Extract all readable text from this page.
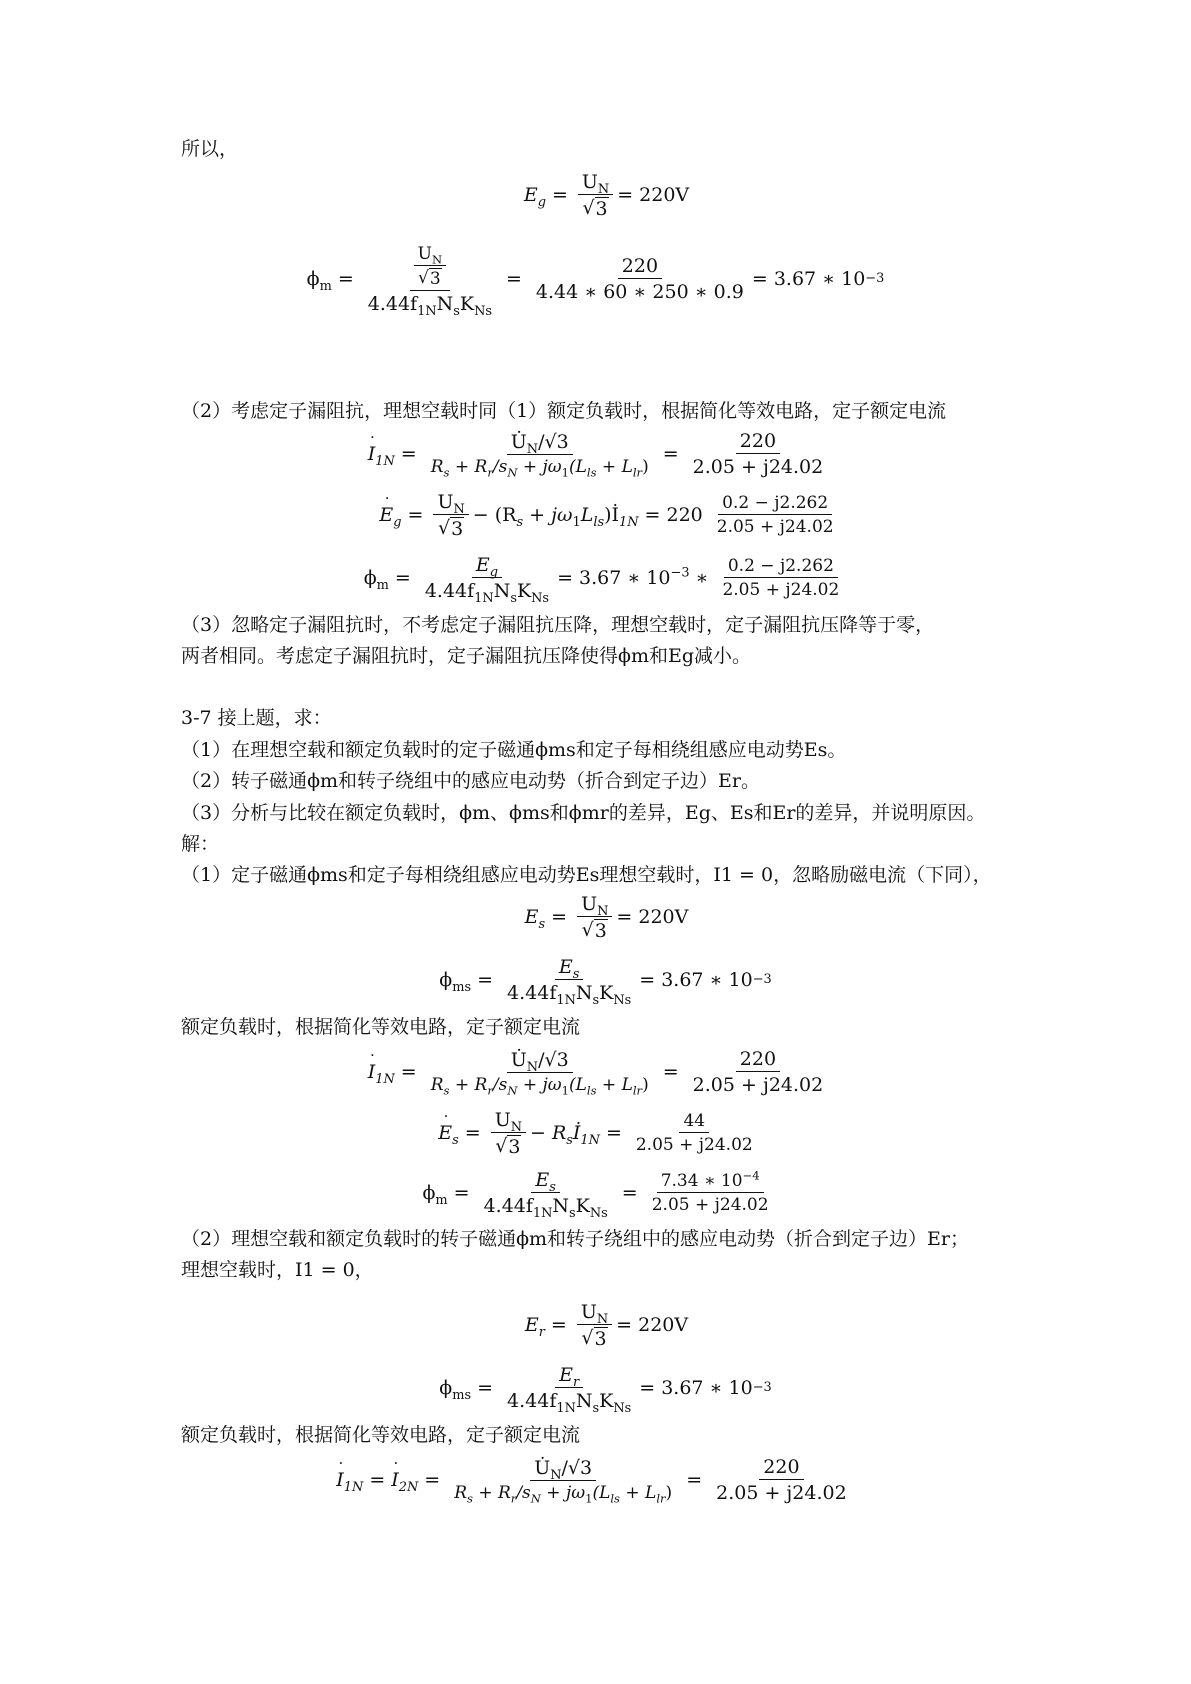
所以，
$E_g = \frac{U_N}{√ 3} = 220V$
$\phi_m = \frac{\frac{U_N}{√ 3}}{4.44f_{1N}N_sK_{Ns}} = \frac{220}{4.44 ∗ 60 ∗ 250 ∗ 0.9} = 3.67$ ∗ 10 −3
（2）考虑定子漏阻抗，理想空载时同（1）额定负载时，根据简化等效电路，定子额定电流
I $˙_{1N} = \frac{U̇_N/√3}{R_s + R_r/s_N + j\omega_1(L_{ls} + L_{lr})} = \frac{220}{2.05 + j24.02}$
E $˙_g = \frac{U_N}{√ 3} - (R_s$ + $j\omega_1L_{ls})İ_{1N} = 220 \frac{0.2 - j2.262}{2.05 + j24.02}$
$\phi_m = \frac{E_g}{4.44f_{1N}N_sK_{Ns}} = 3.67$ ∗ $10^{-3}$ ∗ $\frac{0.2 - j2.262}{2.05 + j24.02}$
（3）忽略定子漏阻抗时，不考虑定子漏阻抗压降，理想空载时，定子漏阻抗压降等于零，
两者相同。考虑定子漏阻抗时，定子漏阻抗压降使得ϕm和Eg减小。
3-7 接上题，求：
（1）在理想空载和额定负载时的定子磁通ϕms和定子每相绕组感应电动势Es。
（2）转子磁通ϕm和转子绕组中的感应电动势（折合到定子边）Er。
（3）分析与比较在额定负载时，ϕm、ϕms和ϕmr的差异，Eg、Es和Er的差异，并说明原因。
解：
（1）定子磁通ϕms和定子每相绕组感应电动势Es理想空载时，I1 = 0，忽略励磁电流（下同），
$E_s = \frac{U_N}{√ 3} = 220V$
$\phi_{ms} = \frac{E_s}{4.44f_{1N}N_sK_{Ns}} = 3.67$ ∗ 10 −3
额定负载时，根据简化等效电路，定子额定电流
I $˙_{1N} = \frac{U̇_N/√3}{R_s + R_r/s_N + j\omega_1(L_{ls} + L_{lr})} = \frac{220}{2.05 + j24.02}$
E $˙_s = \frac{U_N}{√ 3}$ − $R_sİ_{1N} = \frac{44}{2.05 + j24.02}$
$\phi_m = \frac{E_s}{4.44f_{1N}N_sK_{Ns}} = \frac{7.34 ∗ 10^{-4}}{2.05 + j24.02}$
（2）理想空载和额定负载时的转子磁通ϕm和转子绕组中的感应电动势（折合到定子边）Er；
理想空载时，I1 = 0，
$E_r = \frac{U_N}{√ 3} = 220V$
$\phi_{ms} = \frac{E_r}{4.44f_{1N}N_sK_{Ns}} = 3.67$ ∗ 10 −3
额定负载时，根据简化等效电路，定子额定电流
I $˙_{1N} = I$ $˙_{2N} = \frac{U̇_N/√3}{R_s + R_r/s_N + j\omega_1(L_{ls} + L_{lr})} = \frac{220}{2.05 + j24.02}$
